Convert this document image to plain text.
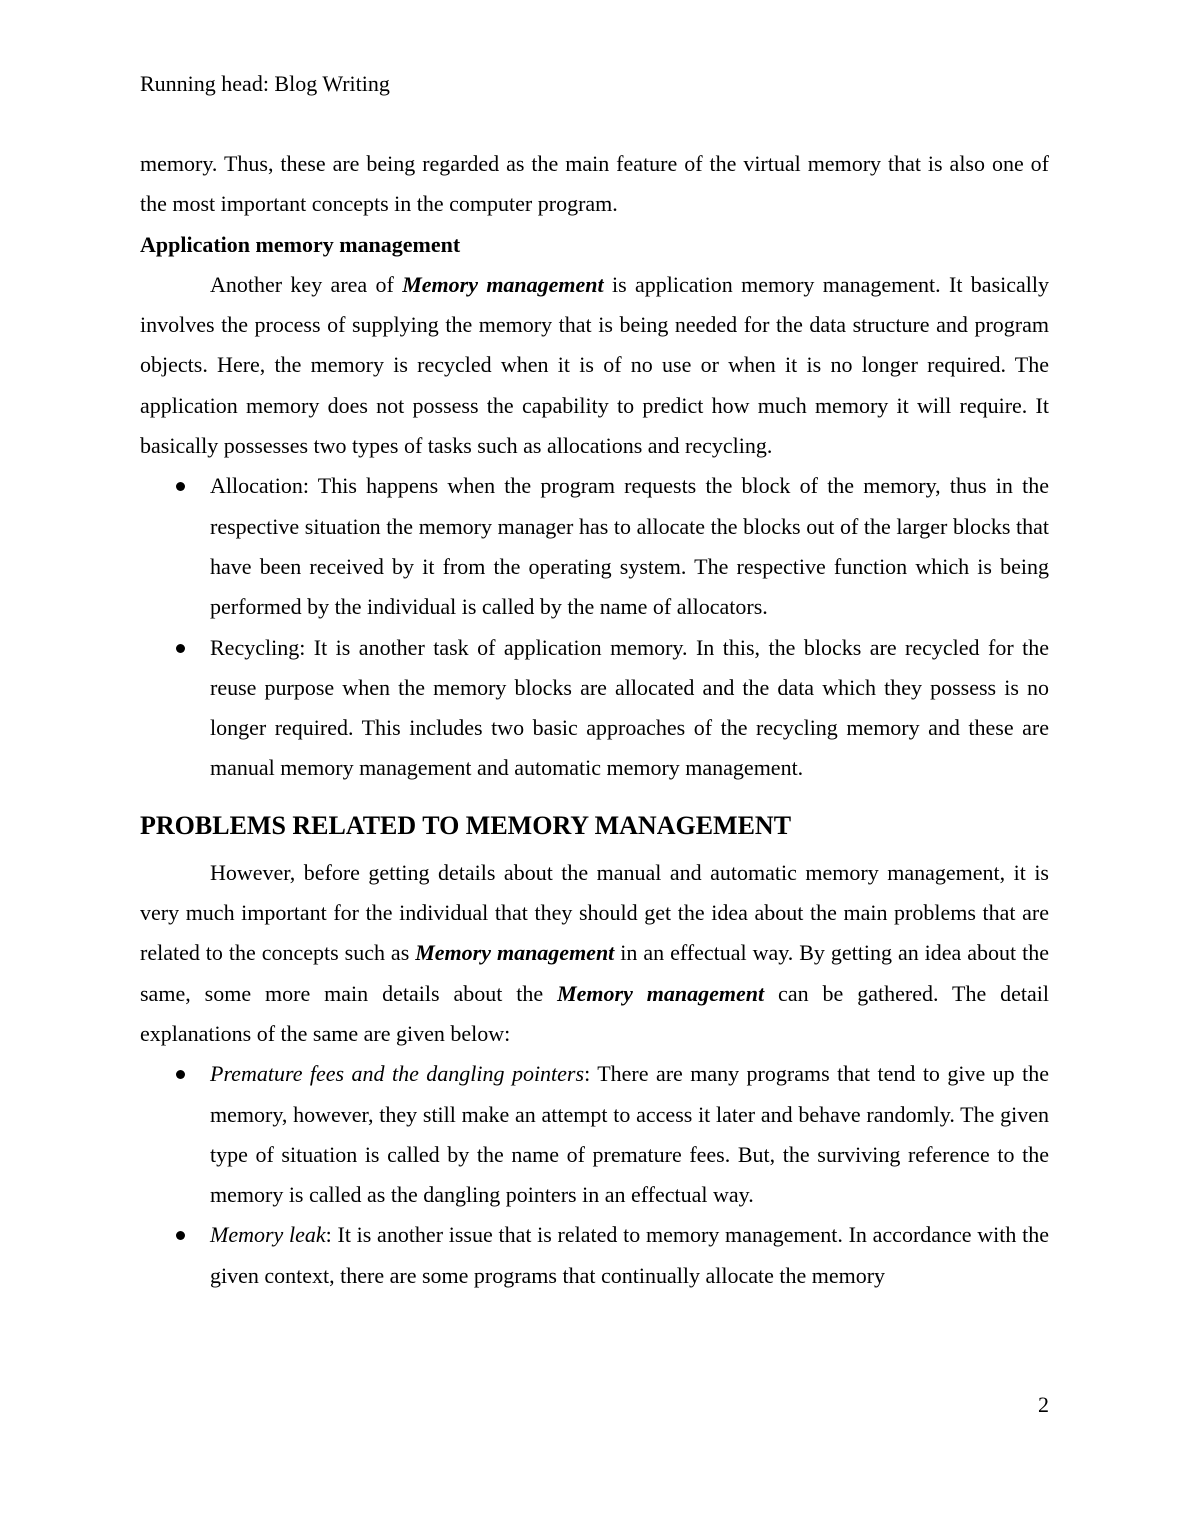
Running head: Blog Writing

memory. Thus, these are being regarded as the main feature of the virtual memory that is also one of the most important concepts in the computer program.

Application memory management

Another key area of Memory management is application memory management. It basically involves the process of supplying the memory that is being needed for the data structure and program objects. Here, the memory is recycled when it is of no use or when it is no longer required. The application memory does not possess the capability to predict how much memory it will require. It basically possesses two types of tasks such as allocations and recycling.

Allocation: This happens when the program requests the block of the memory, thus in the respective situation the memory manager has to allocate the blocks out of the larger blocks that have been received by it from the operating system. The respective function which is being performed by the individual is called by the name of allocators.
Recycling: It is another task of application memory. In this, the blocks are recycled for the reuse purpose when the memory blocks are allocated and the data which they possess is no longer required. This includes two basic approaches of the recycling memory and these are manual memory management and automatic memory management.
PROBLEMS RELATED TO MEMORY MANAGEMENT

However, before getting details about the manual and automatic memory management, it is very much important for the individual that they should get the idea about the main problems that are related to the concepts such as Memory management in an effectual way. By getting an idea about the same, some more main details about the Memory management can be gathered. The detail explanations of the same are given below:

Premature fees and the dangling pointers: There are many programs that tend to give up the memory, however, they still make an attempt to access it later and behave randomly. The given type of situation is called by the name of premature fees. But, the surviving reference to the memory is called as the dangling pointers in an effectual way.
Memory leak: It is another issue that is related to memory management. In accordance with the given context, there are some programs that continually allocate the memory
2
